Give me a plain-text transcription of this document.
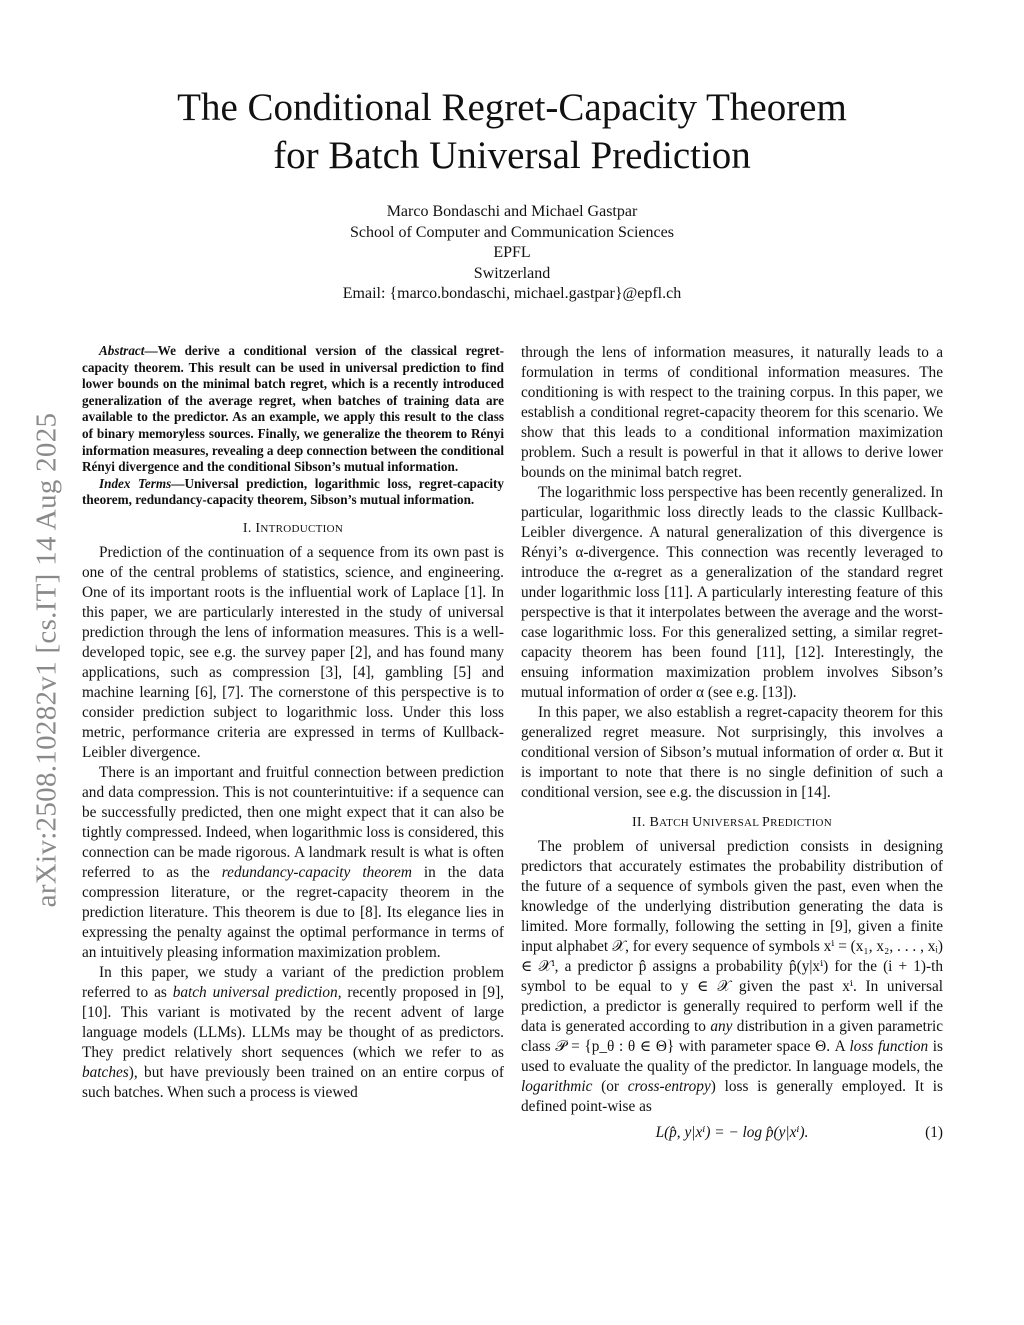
arXiv:2508.10282v1 [cs.IT] 14 Aug 2025
The Conditional Regret-Capacity Theorem
for Batch Universal Prediction
Marco Bondaschi and Michael Gastpar
School of Computer and Communication Sciences
EPFL
Switzerland
Email: {marco.bondaschi, michael.gastpar}@epfl.ch

Abstract—We derive a conditional version of the classical regret-capacity theorem. This result can be used in universal prediction to find lower bounds on the minimal batch regret, which is a recently introduced generalization of the average regret, when batches of training data are available to the predictor. As an example, we apply this result to the class of binary memoryless sources. Finally, we generalize the theorem to Rényi information measures, revealing a deep connection between the conditional Rényi divergence and the conditional Sibson’s mutual information.

Index Terms—Universal prediction, logarithmic loss, regret-capacity theorem, redundancy-capacity theorem, Sibson’s mutual information.

I. INTRODUCTION

Prediction of the continuation of a sequence from its own past is one of the central problems of statistics, science, and engineering. One of its important roots is the influential work of Laplace [1]. In this paper, we are particularly interested in the study of universal prediction through the lens of information measures. This is a well-developed topic, see e.g. the survey paper [2], and has found many applications, such as compression [3], [4], gambling [5] and machine learning [6], [7]. The cornerstone of this perspective is to consider prediction subject to logarithmic loss. Under this loss metric, performance criteria are expressed in terms of Kullback-Leibler divergence.

There is an important and fruitful connection between prediction and data compression. This is not counterintuitive: if a sequence can be successfully predicted, then one might expect that it can also be tightly compressed. Indeed, when logarithmic loss is considered, this connection can be made rigorous. A landmark result is what is often referred to as the redundancy-capacity theorem in the data compression literature, or the regret-capacity theorem in the prediction literature. This theorem is due to [8]. Its elegance lies in expressing the penalty against the optimal performance in terms of an intuitively pleasing information maximization problem.

In this paper, we study a variant of the prediction problem referred to as batch universal prediction, recently proposed in [9], [10]. This variant is motivated by the recent advent of large language models (LLMs). LLMs may be thought of as predictors. They predict relatively short sequences (which we refer to as batches), but have previously been trained on an entire corpus of such batches. When such a process is viewed

through the lens of information measures, it naturally leads to a formulation in terms of conditional information measures. The conditioning is with respect to the training corpus. In this paper, we establish a conditional regret-capacity theorem for this scenario. We show that this leads to a conditional information maximization problem. Such a result is powerful in that it allows to derive lower bounds on the minimal batch regret.

The logarithmic loss perspective has been recently generalized. In particular, logarithmic loss directly leads to the classic Kullback-Leibler divergence. A natural generalization of this divergence is Rényi’s α-divergence. This connection was recently leveraged to introduce the α-regret as a generalization of the standard regret under logarithmic loss [11]. A particularly interesting feature of this perspective is that it interpolates between the average and the worst-case logarithmic loss. For this generalized setting, a similar regret-capacity theorem has been found [11], [12]. Interestingly, the ensuing information maximization problem involves Sibson’s mutual information of order α (see e.g. [13]).

In this paper, we also establish a regret-capacity theorem for this generalized regret measure. Not surprisingly, this involves a conditional version of Sibson’s mutual information of order α. But it is important to note that there is no single definition of such a conditional version, see e.g. the discussion in [14].

II. BATCH UNIVERSAL PREDICTION

The problem of universal prediction consists in designing predictors that accurately estimates the probability distribution of the future of a sequence of symbols given the past, even when the knowledge of the underlying distribution generating the data is limited. More formally, following the setting in [9], given a finite input alphabet 𝒳, for every sequence of symbols xⁱ = (x₁, x₂, . . . , xᵢ) ∈ 𝒳ⁱ, a predictor p̂ assigns a probability p̂(y|xⁱ) for the (i + 1)-th symbol to be equal to y ∈ 𝒳 given the past xⁱ. In universal prediction, a predictor is generally required to perform well if the data is generated according to any distribution in a given parametric class 𝒫 = {p_θ : θ ∈ Θ} with parameter space Θ. A loss function is used to evaluate the quality of the predictor. In language models, the logarithmic (or cross-entropy) loss is generally employed. It is defined point-wise as

L(p̂, y|xⁱ) = − log p̂(y|xⁱ).	(1)
